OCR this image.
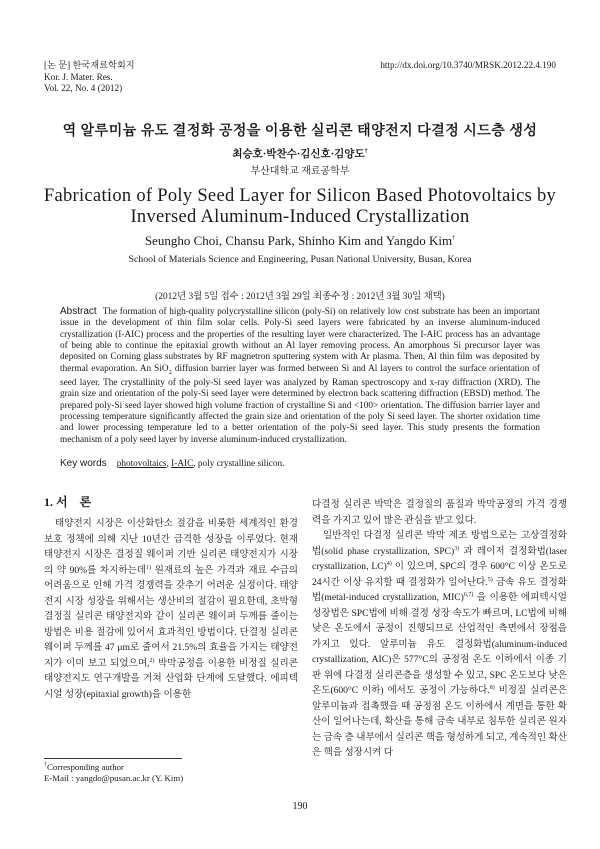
[논 문] 한국재료학회지
Kor. J. Mater. Res.
Vol. 22, No. 4 (2012)
http://dx.doi.org/10.3740/MRSK.2012.22.4.190
역 알루미늄 유도 결정화 공정을 이용한 실리콘 태양전지 다결정 시드층 생성
최승호·박찬수·김신호·김양도†
부산대학교 재료공학부
Fabrication of Poly Seed Layer for Silicon Based Photovoltaics by
Inversed Aluminum-Induced Crystallization
Seungho Choi, Chansu Park, Shinho Kim and Yangdo Kim†
School of Materials Science and Engineering, Pusan National University, Busan, Korea
(2012년 3월 5일 접수 : 2012년 3월 29일 최종수정 : 2012년 3월 30일 채택)
Abstract The formation of high-quality polycrystalline silicon (poly-Si) on relatively low cost substrate has been an important issue in the development of thin film solar cells. Poly-Si seed layers were fabricated by an inverse aluminum-induced crystallization (I-AIC) process and the properties of the resulting layer were characterized. The I-AIC process has an advantage of being able to continue the epitaxial growth without an Al layer removing process. An amorphous Si precursor layer was deposited on Corning glass substrates by RF magnetron sputtering system with Ar plasma. Then, Al thin film was deposited by thermal evaporation. An SiO$_2$ diffusion barrier layer was formed between Si and Al layers to control the surface orientation of seed layer. The crystallinity of the poly-Si seed layer was analyzed by Raman spectroscopy and x-ray diffraction (XRD). The grain size and orientation of the poly-Si seed layer were determined by electron back scattering diffraction (EBSD) method. The prepared poly-Si seed layer showed high volume fraction of crystalline Si and <100> orientation. The diffusion barrier layer and processing temperature significantly affected the grain size and orientation of the poly Si seed layer. The shorter oxidation time and lower processing temperature led to a better orientation of the poly-Si seed layer. This study presents the formation mechanism of a poly seed layer by inverse aluminum-induced crystallization.
Key words photovoltaics, I-AIC, poly crystalline silicon.
1. 서　론

태양전지 시장은 이산화탄소 절감을 비롯한 세계적인 환경 보호 정책에 의해 지난 10년간 급격한 성장을 이루었다. 현재 태양전지 시장은 결정질 웨이퍼 기반 실리콘 태양전지가 시장의 약 90%를 차지하는데$^{1)}$ 원재료의 높은 가격과 재료 수급의 어려움으로 인해 가격 경쟁력을 갖추기 어려운 실정이다. 태양전지 시장 성장을 위해서는 생산비의 절감이 필요한데, 초박형 결정질 실리콘 태양전지와 같이 실리콘 웨이퍼 두께를 줄이는 방법은 비용 절감에 있어서 효과적인 방법이다. 단결정 실리콘 웨이퍼 두께를 47 μm로 줄여서 21.5%의 효율을 가지는 태양전지가 이미 보고 되었으며,$^{2)}$ 박막공정을 이용한 비정질 실리콘 태양전지도 연구개발을 거쳐 산업화 단계에 도달했다. 에피텍시얼 성장(epitaxial growth)을 이용한

다결정 실리콘 박막은 결정질의 품질과 박막공정의 가격 경쟁력을 가지고 있어 많은 관심을 받고 있다.

일반적인 다결정 실리콘 박막 제조 방법으로는 고상결정화법(solid phase crystallization, SPC)$^{3)}$ 과 레이저 결정화법(laser crystallization, LC)$^{4)}$ 이 있으며, SPC의 경우 600°C 이상 온도로 24시간 이상 유지할 때 결정화가 일어난다.$^{5)}$ 금속 유도 결정화법(metal-induced crystallization, MIC)$^{6,7)}$ 을 이용한 에피텍시얼 성장법은 SPC법에 비해 결정 성장 속도가 빠르며, LC법에 비해 낮은 온도에서 공정이 진행되므로 산업적인 측면에서 장점을 가지고 있다. 알루미늄 유도 결정화법(aluminum-induced crystallization, AIC)은 577°C의 공정점 온도 이하에서 이종 기판 위에 다결정 실리콘층을 생성할 수 있고, SPC 온도보다 낮은 온도(600°C 이하) 에서도 공정이 가능하다.$^{8)}$ 비정질 실리콘은 알루미늄과 접촉했을 때 공정점 온도 이하에서 계면을 통한 확산이 일어나는데, 확산을 통해 금속 내부로 침투한 실리콘 원자는 금속 층 내부에서 실리콘 핵을 형성하게 되고, 계속적인 확산은 핵을 성장시켜 다

†Corresponding author
E-Mail : yangdo@pusan.ac.kr (Y. Kim)
190
